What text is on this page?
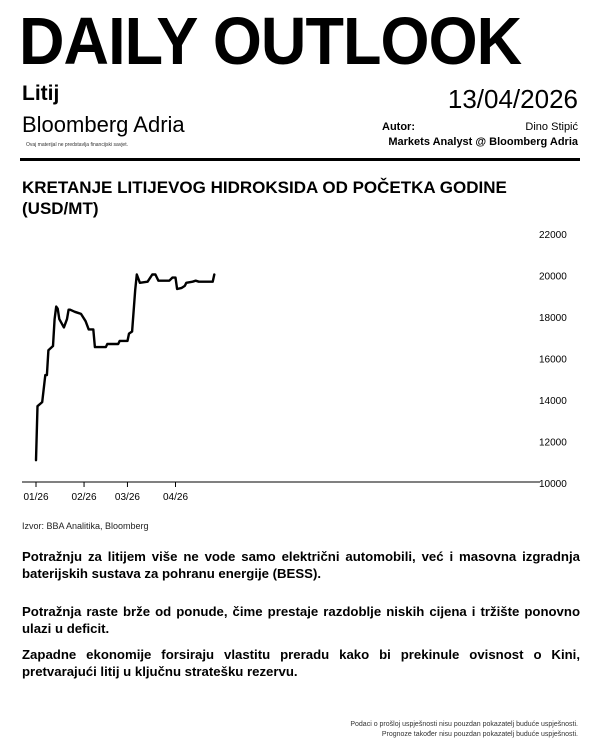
DAILY OUTLOOK
Litij
Bloomberg Adria
Ovaj materijal ne predstavlja financijski savjet.
13/04/2026
Autor:	Dino Stipić
Markets Analyst @ Bloomberg Adria
KRETANJE LITIJEVOG HIDROKSIDA OD POČETKA GODINE (USD/MT)
01/26 02/26 03/26 04/26
10000
12000
14000
16000
18000
20000
22000
Izvor: BBA Analitika, Bloomberg

Potražnju za litijem više ne vode samo električni automobili, već i masovna izgradnja baterijskih sustava za pohranu energije (BESS).

Potražnja raste brže od ponude, čime prestaje razdoblje niskih cijena i tržište ponovno ulazi u deficit.

Zapadne ekonomije forsiraju vlastitu preradu kako bi prekinule ovisnost o Kini, pretvarajući litij u ključnu stratešku rezervu.

Podaci o prošloj uspješnosti nisu pouzdan pokazatelj buduće uspješnosti.
Prognoze također nisu pouzdan pokazatelj buduće uspješnosti.
